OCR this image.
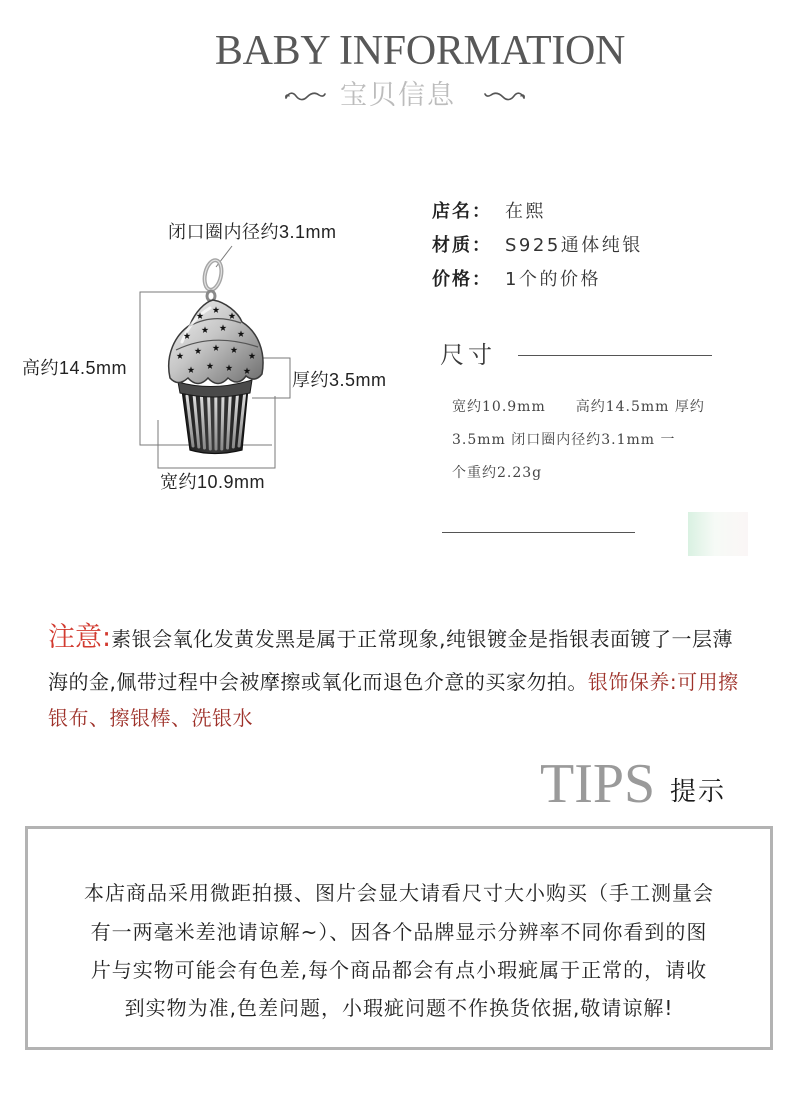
BABY INFORMATION
宝贝信息
闭口圈内径约3.1mm
高约14.5mm
厚约3.5mm
宽约10.9mm
店名： 在熙
材质： S925通体纯银
价格： 1个的价格
尺寸
宽约10.9mm　　高约14.5mm 厚约
3.5mm 闭口圈内径约3.1mm 一
个重约2.23g
注意:素银会氧化发黄发黑是属于正常现象,纯银镀金是指银表面镀了一层薄
海的金,佩带过程中会被摩擦或氧化而退色介意的买家勿拍。银饰保养:可用擦
银布、擦银棒、洗银水
TIPS 提示
本店商品采用微距拍摄、图片会显大请看尺寸大小购买（手工测量会
有一两毫米差池请谅解~）、因各个品牌显示分辨率不同你看到的图
片与实物可能会有色差,每个商品都会有点小瑕疵属于正常的，请收
到实物为准,色差问题，小瑕疵问题不作换货依据,敬请谅解!
